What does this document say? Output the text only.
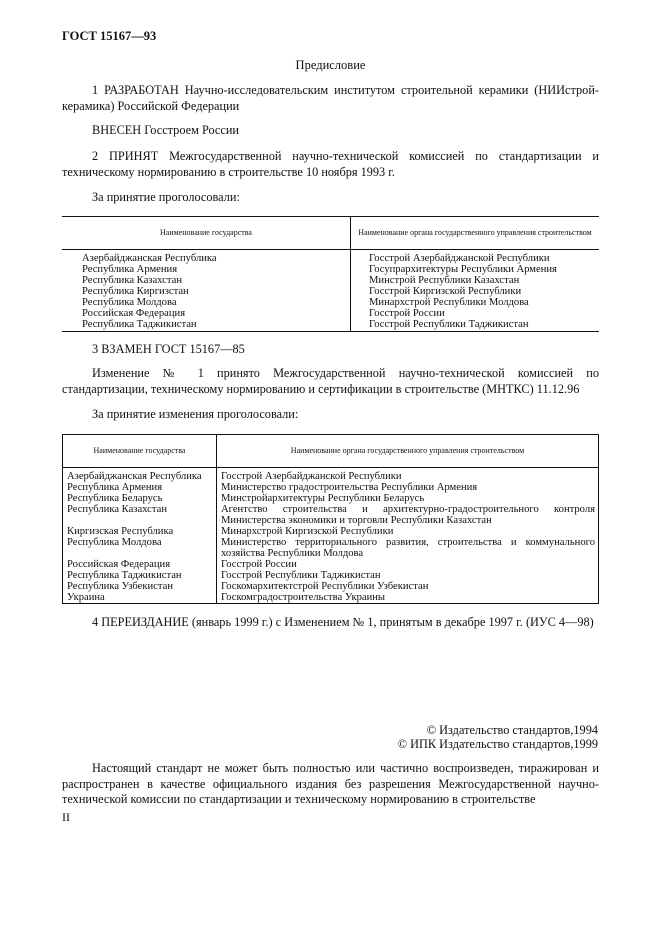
ГОСТ 15167—93
Предисловие
1 РАЗРАБОТАН Научно-исследовательским институтом строительной керамики (НИИстрой-керамика) Российской Федерации
ВНЕСЕН Госстроем России
2 ПРИНЯТ Межгосударственной научно-технической комиссией по стандартизации и техническому нормированию в строительстве 10 ноября 1993 г.
За принятие проголосовали:
Наименование государства	Наименование органа государственного управления строительством
Азербайджанская Республика	Госстрой Азербайджанской Республики
Республика Армения	Госупрархитектуры Республики Армения
Республика Казахстан	Минстрой Республики Казахстан
Республика Киргизстан	Госстрой Киргизской Республики
Республика Молдова	Минархстрой Республики Молдова
Российская Федерация	Госстрой России
Республика Таджикистан	Госстрой Республики Таджикистан
3 ВЗАМЕН ГОСТ 15167—85
Изменение № 1 принято Межгосударственной научно-технической комиссией по стандартизации, техническому нормированию и сертификации в строительстве (МНТКС) 11.12.96
За принятие изменения проголосовали:
Наименование государства	Наименование органа государственного управления строительством
Азербайджанская Республика	Госстрой Азербайджанской Республики
Республика Армения	Министерство градостроительства Республики Армения
Республика Беларусь	Минстройархитектуры Республики Беларусь
Республика Казахстан	Агентство строительства и архитектурно-градостроительного контроля Министерства экономики и торговли Республики Казахстан
Киргизская Республика	Минархстрой Киргизской Республики
Республика Молдова	Министерство территориального развития, строительства и коммунального хозяйства Республики Молдова
Российская Федерация	Госстрой России
Республика Таджикистан	Госстрой Республики Таджикистан
Республика Узбекистан	Госкомархитектстрой Республики Узбекистан
Украина	Госкомградостроительства Украины
4 ПЕРЕИЗДАНИЕ (январь 1999 г.) с Изменением № 1, принятым в декабре 1997 г. (ИУС 4—98)
© Издательство стандартов,1994
© ИПК Издательство стандартов,1999
Настоящий стандарт не может быть полностью или частично воспроизведен, тиражирован и распространен в качестве официального издания без разрешения Межгосударственной научно-технической комиссии по стандартизации и техническому нормированию в строительстве
II
